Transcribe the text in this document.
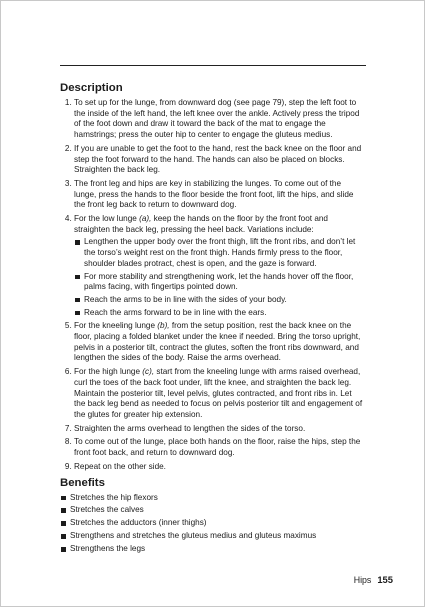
Description
1. To set up for the lunge, from downward dog (see page 79), step the left foot to the inside of the left hand, the left knee over the ankle. Actively press the tripod of the foot down and draw it toward the back of the mat to engage the hamstrings; press the outer hip to center to engage the gluteus medius.
2. If you are unable to get the foot to the hand, rest the back knee on the floor and step the foot forward to the hand. The hands can also be placed on blocks. Straighten the back leg.
3. The front leg and hips are key in stabilizing the lunges. To come out of the lunge, press the hands to the floor beside the front foot, lift the hips, and slide the front leg back to return to downward dog.
4. For the low lunge (a), keep the hands on the floor by the front foot and straighten the back leg, pressing the heel back. Variations include:
Lengthen the upper body over the front thigh, lift the front ribs, and don’t let the torso’s weight rest on the front thigh. Hands firmly press to the floor, shoulder blades protract, chest is open, and the gaze is forward.
For more stability and strengthening work, let the hands hover off the floor, palms facing, with fingertips pointed down.
Reach the arms to be in line with the sides of your body.
Reach the arms forward to be in line with the ears.
5. For the kneeling lunge (b), from the setup position, rest the back knee on the floor, placing a folded blanket under the knee if needed. Bring the torso upright, pelvis in a posterior tilt, contract the glutes, soften the front ribs downward, and lengthen the sides of the body. Raise the arms overhead.
6. For the high lunge (c), start from the kneeling lunge with arms raised overhead, curl the toes of the back foot under, lift the knee, and straighten the back leg. Maintain the posterior tilt, level pelvis, glutes contracted, and front ribs in. Let the back leg bend as needed to focus on pelvis posterior tilt and engagement of the glutes for greater hip extension.
7. Straighten the arms overhead to lengthen the sides of the torso.
8. To come out of the lunge, place both hands on the floor, raise the hips, step the front foot back, and return to downward dog.
9. Repeat on the other side.
Benefits
Stretches the hip flexors
Stretches the calves
Stretches the adductors (inner thighs)
Strengthens and stretches the gluteus medius and gluteus maximus
Strengthens the legs
Hips 155
